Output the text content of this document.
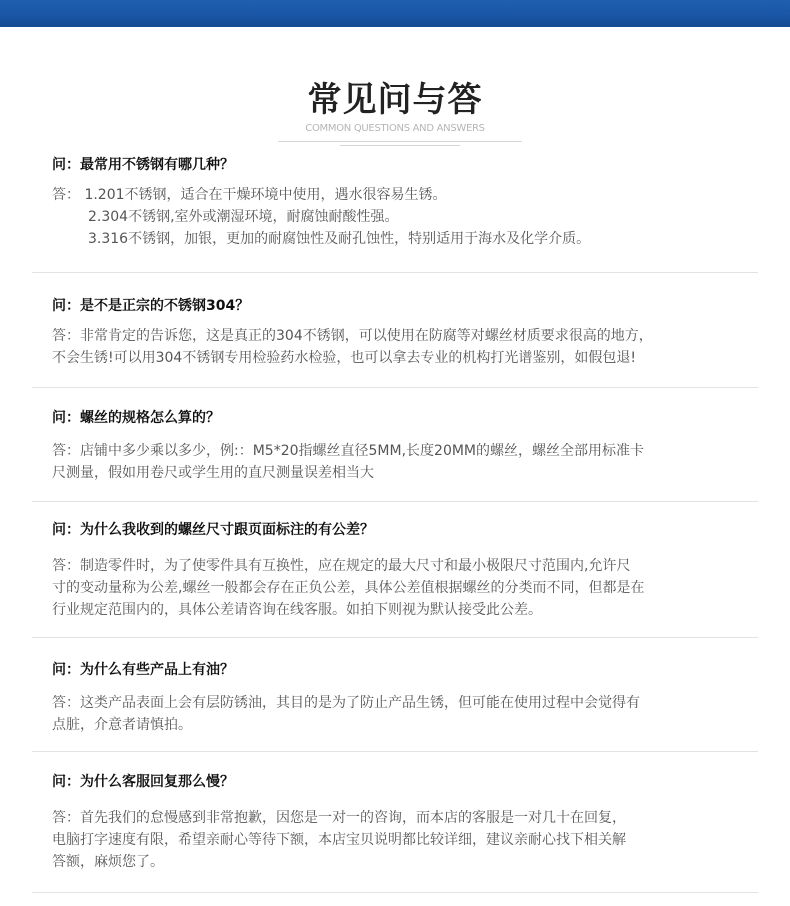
常见问与答
COMMON QUESTIONS AND ANSWERS
问：最常用不锈钢有哪几种？
答： 1.201不锈钢，适合在干燥环境中使用，遇水很容易生锈。
2.304不锈钢,室外或潮湿环境，耐腐蚀耐酸性强。
3.316不锈钢，加银，更加的耐腐蚀性及耐孔蚀性，特别适用于海水及化学介质。
问：是不是正宗的不锈钢304？
答：非常肯定的告诉您，这是真正的304不锈钢，可以使用在防腐等对螺丝材质要求很高的地方，
不会生锈!可以用304不锈钢专用检验药水检验，也可以拿去专业的机构打光谱鉴别，如假包退!
问：螺丝的规格怎么算的？
答：店铺中多少乘以多少，例:：M5*20指螺丝直径5MM,长度20MM的螺丝，螺丝全部用标准卡
尺测量，假如用卷尺或学生用的直尺测量误差相当大
问：为什么我收到的螺丝尺寸跟页面标注的有公差？
答：制造零件时，为了使零件具有互换性，应在规定的最大尺寸和最小极限尺寸范围内,允许尺
寸的变动量称为公差,螺丝一般都会存在正负公差，具体公差值根据螺丝的分类而不同，但都是在
行业规定范围内的，具体公差请咨询在线客服。如拍下则视为默认接受此公差。
问：为什么有些产品上有油？
答：这类产品表面上会有层防锈油，其目的是为了防止产品生锈，但可能在使用过程中会觉得有
点脏，介意者请慎拍。
问：为什么客服回复那么慢？
答：首先我们的怠慢感到非常抱歉，因您是一对一的咨询，而本店的客服是一对几十在回复，
电脑打字速度有限，希望亲耐心等待下额，本店宝贝说明都比较详细，建议亲耐心找下相关解
答额，麻烦您了。
